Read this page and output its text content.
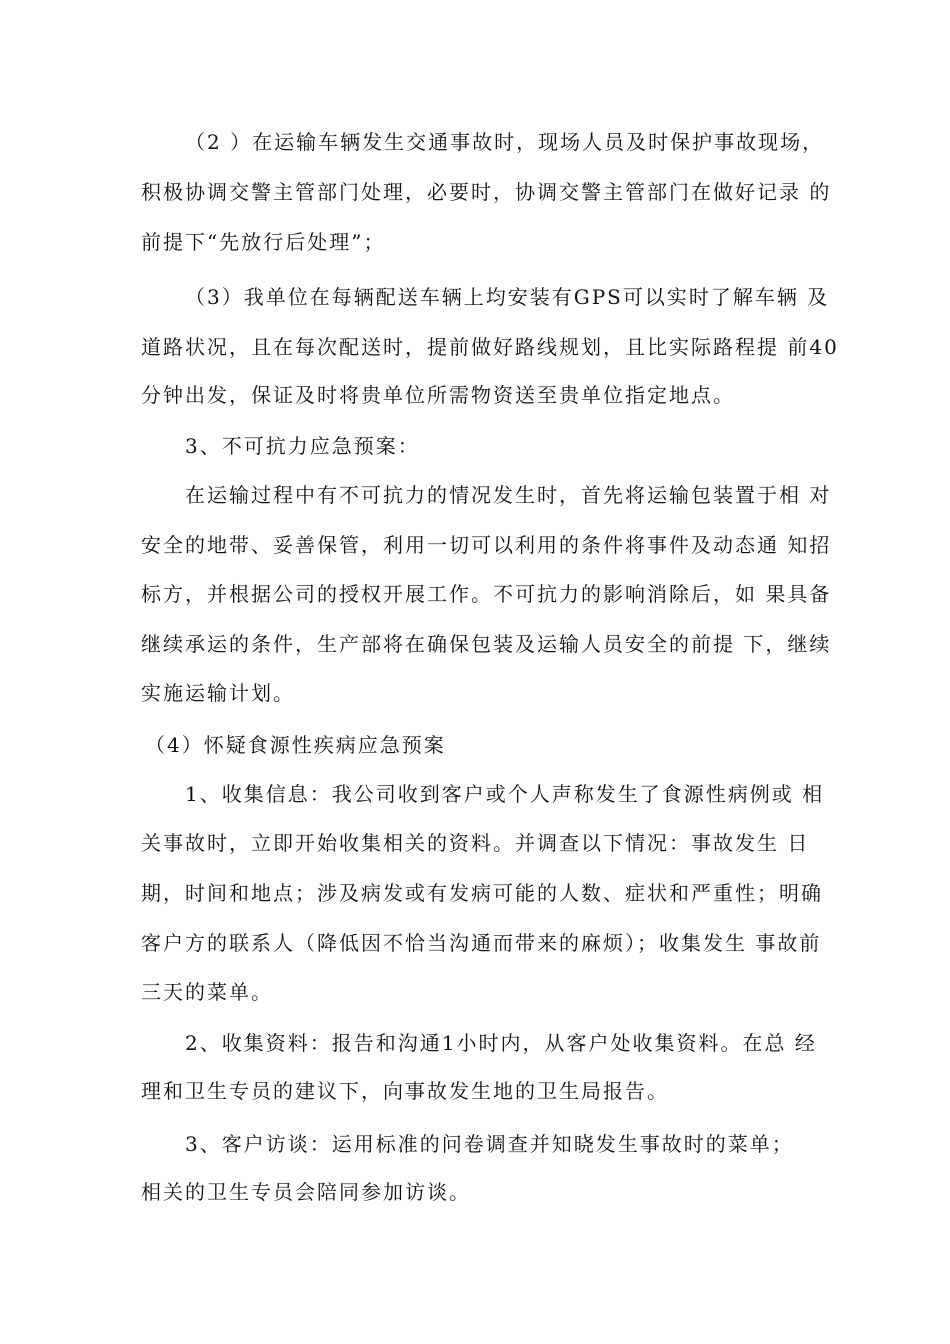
（2 ）在运输车辆发生交通事故时，现场人员及时保护事故现场，
积极协调交警主管部门处理，必要时，协调交警主管部门在做好记录 的
前提下“先放行后处理”；
（3）我单位在每辆配送车辆上均安装有GPS可以实时了解车辆 及
道路状况，且在每次配送时，提前做好路线规划，且比实际路程提 前40
分钟出发，保证及时将贵单位所需物资送至贵单位指定地点。
3、不可抗力应急预案：
在运输过程中有不可抗力的情况发生时，首先将运输包装置于相 对
安全的地带、妥善保管，利用一切可以利用的条件将事件及动态通 知招
标方，并根据公司的授权开展工作。不可抗力的影响消除后，如 果具备
继续承运的条件，生产部将在确保包装及运输人员安全的前提 下，继续
实施运输计划。
（4）怀疑食源性疾病应急预案
1、收集信息：我公司收到客户或个人声称发生了食源性病例或 相
关事故时，立即开始收集相关的资料。并调查以下情况：事故发生 日
期，时间和地点；涉及病发或有发病可能的人数、症状和严重性；明确
客户方的联系人（降低因不恰当沟通而带来的麻烦）；收集发生 事故前
三天的菜单。
2、收集资料：报告和沟通1小时内，从客户处收集资料。在总 经
理和卫生专员的建议下，向事故发生地的卫生局报告。
3、客户访谈：运用标准的问卷调查并知晓发生事故时的菜单；
相关的卫生专员会陪同参加访谈。
